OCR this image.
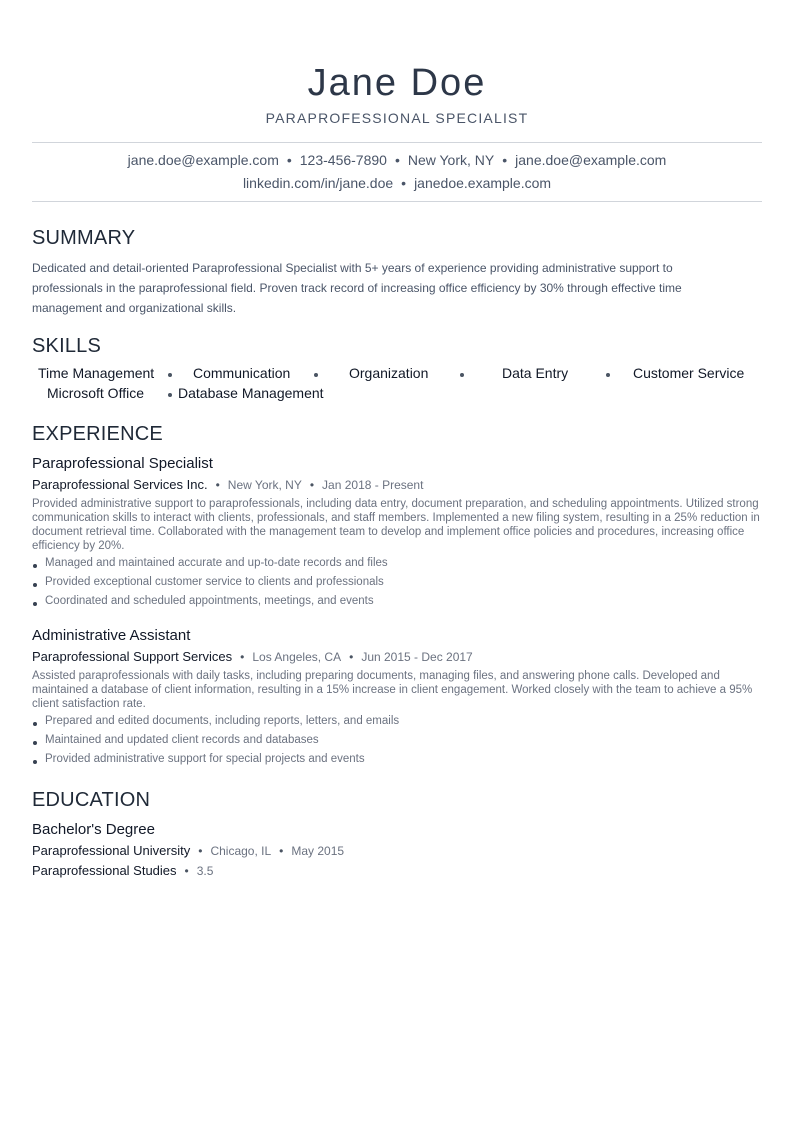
Jane Doe
PARAPROFESSIONAL SPECIALIST
jane.doe@example.com • 123-456-7890 • New York, NY • jane.doe@example.com
linkedin.com/in/jane.doe • janedoe.example.com
SUMMARY
Dedicated and detail-oriented Paraprofessional Specialist with 5+ years of experience providing administrative support to professionals in the paraprofessional field. Proven track record of increasing office efficiency by 30% through effective time management and organizational skills.
SKILLS
Time Management	Communication	Organization	Data Entry	Customer Service
Microsoft Office Database Management
EXPERIENCE
Paraprofessional Specialist
Paraprofessional Services Inc. • New York, NY • Jan 2018 - Present
Provided administrative support to paraprofessionals, including data entry, document preparation, and scheduling appointments. Utilized strong communication skills to interact with clients, professionals, and staff members. Implemented a new filing system, resulting in a 25% reduction in document retrieval time. Collaborated with the management team to develop and implement office policies and procedures, increasing office efficiency by 20%.
Managed and maintained accurate and up-to-date records and files
Provided exceptional customer service to clients and professionals
Coordinated and scheduled appointments, meetings, and events
Administrative Assistant
Paraprofessional Support Services • Los Angeles, CA • Jun 2015 - Dec 2017
Assisted paraprofessionals with daily tasks, including preparing documents, managing files, and answering phone calls. Developed and maintained a database of client information, resulting in a 15% increase in client engagement. Worked closely with the team to achieve a 95% client satisfaction rate.
Prepared and edited documents, including reports, letters, and emails
Maintained and updated client records and databases
Provided administrative support for special projects and events
EDUCATION
Bachelor's Degree
Paraprofessional University • Chicago, IL • May 2015
Paraprofessional Studies • 3.5
